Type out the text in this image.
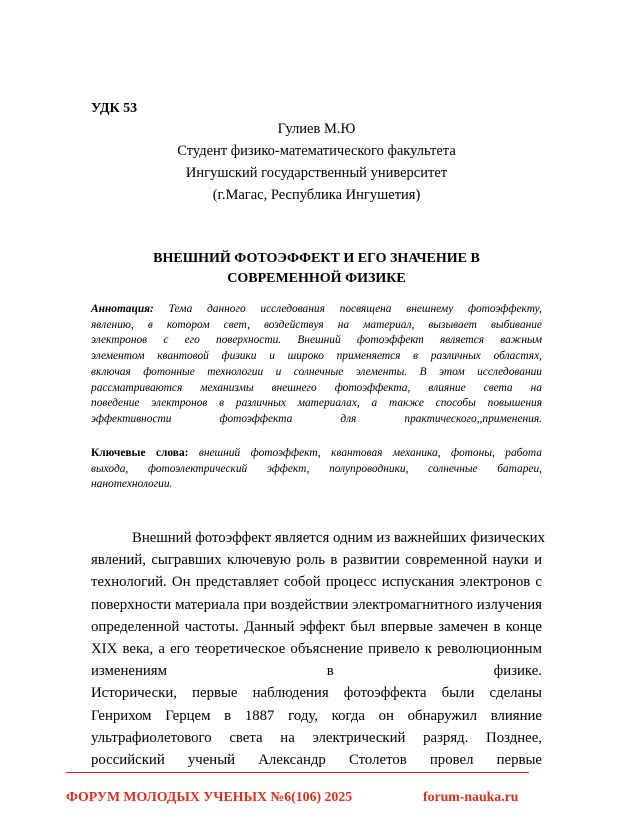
УДК 53
Гулиев М.Ю
Студент физико-математического факультета
Ингушский государственный университет
(г.Магас, Республика Ингушетия)
ВНЕШНИЙ ФОТОЭФФЕКТ И ЕГО ЗНАЧЕНИЕ В
СОВРЕМЕННОЙ ФИЗИКЕ
Аннотация: Тема данного исследования посвящена внешнему фотоэффекту,
явлению, в котором свет, воздействуя на материал, вызывает выбивание
электронов с его поверхности. Внешний фотоэффект является важным
элементом квантовой физики и широко применяется в различных областях,
включая фотонные технологии и солнечные элементы. В этом исследовании
рассматриваются механизмы внешнего фотоэффекта, влияние света на
поведение электронов в различных материалах, а также способы повышения
эффективности фотоэффекта для практического,,применения.
Ключевые слова: внешний фотоэффект, квантовая механика, фотоны, работа
выхода, фотоэлектрический эффект, полупроводники, солнечные батареи,
нанотехнологии.
Внешний фотоэффект является одним из важнейших физических
явлений, сыгравших ключевую роль в развитии современной науки и
технологий. Он представляет собой процесс испускания электронов с
поверхности материала при воздействии электромагнитного излучения
определенной частоты. Данный эффект был впервые замечен в конце
XIX века, а его теоретическое объяснение привело к революционным
изменениям в физике.
Исторически, первые наблюдения фотоэффекта были сделаны
Генрихом Герцем в 1887 году, когда он обнаружил влияние
ультрафиолетового света на электрический разряд. Позднее,
российский ученый Александр Столетов провел первые
ФОРУМ МОЛОДЫХ УЧЕНЫХ №6(106) 2025	forum-nauka.ru
